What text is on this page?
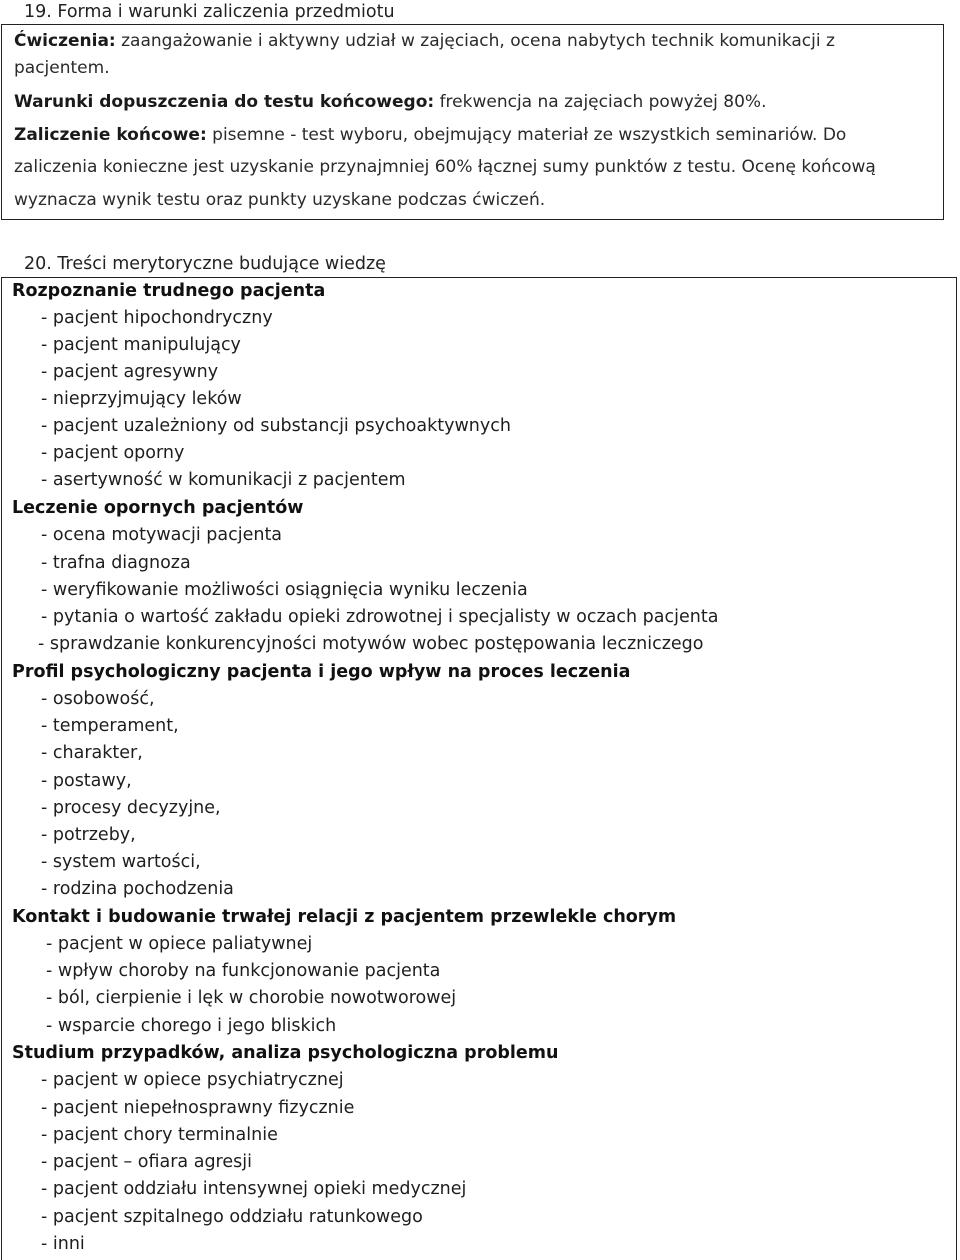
19. Forma i warunki zaliczenia przedmiotu
Ćwiczenia: zaangażowanie i aktywny udział w zajęciach, ocena nabytych technik komunikacji z
pacjentem.
Warunki dopuszczenia do testu końcowego: frekwencja na zajęciach powyżej 80%.
Zaliczenie końcowe: pisemne - test wyboru, obejmujący materiał ze wszystkich seminariów. Do
zaliczenia konieczne jest uzyskanie przynajmniej 60% łącznej sumy punktów z testu. Ocenę końcową
wyznacza wynik testu oraz punkty uzyskane podczas ćwiczeń.
20. Treści merytoryczne budujące wiedzę
Rozpoznanie trudnego pacjenta
- pacjent hipochondryczny
- pacjent manipulujący
- pacjent agresywny
- nieprzyjmujący leków
- pacjent uzależniony od substancji psychoaktywnych
- pacjent oporny
- asertywność w komunikacji z pacjentem
Leczenie opornych pacjentów
- ocena motywacji pacjenta
- trafna diagnoza
- weryfikowanie możliwości osiągnięcia wyniku leczenia
- pytania o wartość zakładu opieki zdrowotnej i specjalisty w oczach pacjenta
- sprawdzanie konkurencyjności motywów wobec postępowania leczniczego
Profil psychologiczny pacjenta i jego wpływ na proces leczenia
- osobowość,
- temperament,
- charakter,
- postawy,
- procesy decyzyjne,
- potrzeby,
- system wartości,
- rodzina pochodzenia
Kontakt i budowanie trwałej relacji z pacjentem przewlekle chorym
- pacjent w opiece paliatywnej
- wpływ choroby na funkcjonowanie pacjenta
- ból, cierpienie i lęk w chorobie nowotworowej
- wsparcie chorego i jego bliskich
Studium przypadków, analiza psychologiczna problemu
- pacjent w opiece psychiatrycznej
- pacjent niepełnosprawny fizycznie
- pacjent chory terminalnie
- pacjent – ofiara agresji
- pacjent oddziału intensywnej opieki medycznej
- pacjent szpitalnego oddziału ratunkowego
- inni
